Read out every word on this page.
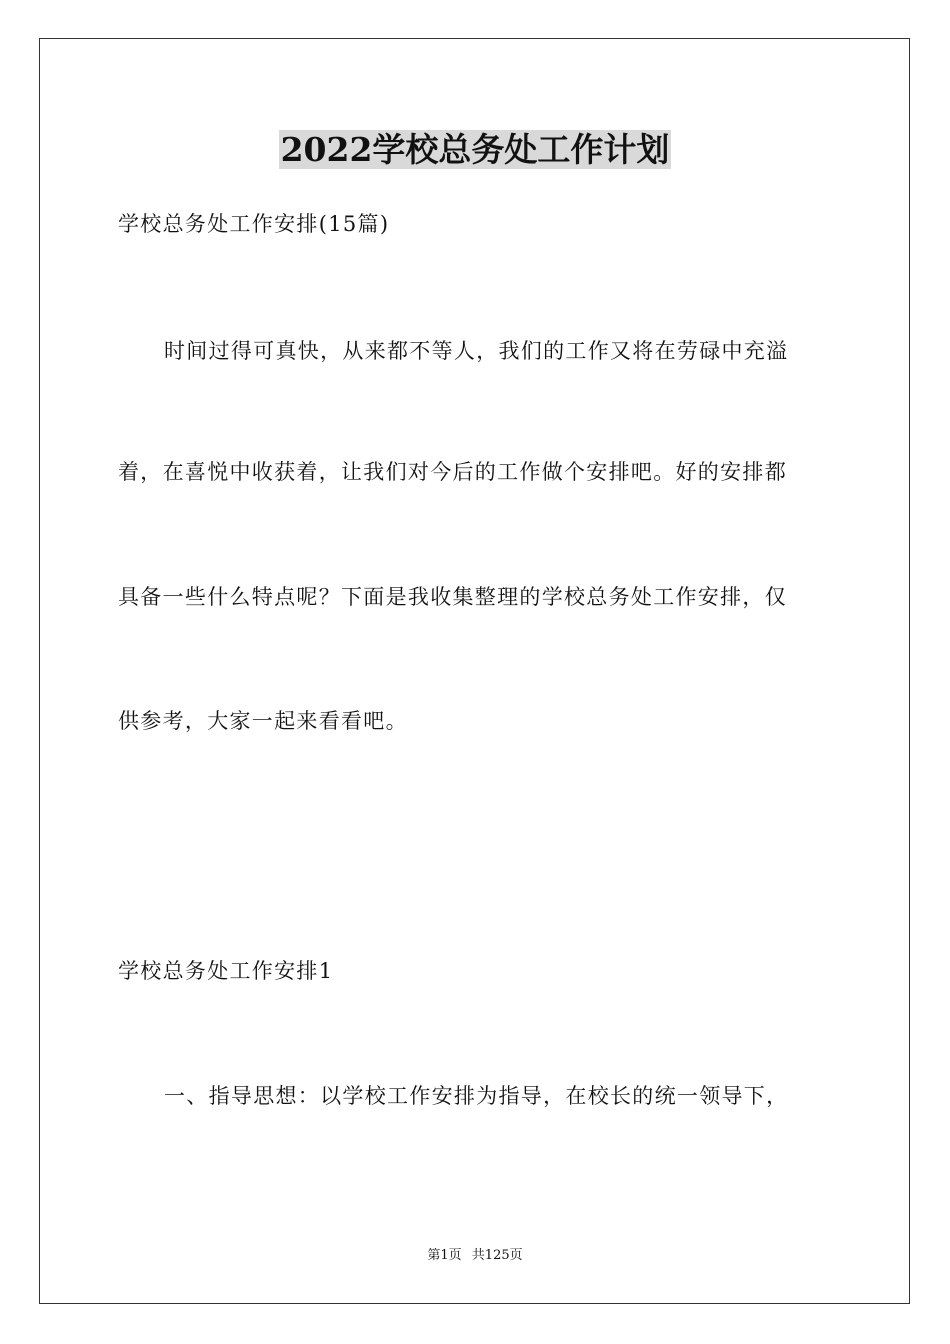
2022学校总务处工作计划

学校总务处工作安排(15篇)

时间过得可真快，从来都不等人，我们的工作又将在劳碌中充溢

着，在喜悦中收获着，让我们对今后的工作做个安排吧。好的安排都

具备一些什么特点呢？下面是我收集整理的学校总务处工作安排，仅

供参考，大家一起来看看吧。

学校总务处工作安排1

一、指导思想：以学校工作安排为指导，在校长的统一领导下，

第1页 共125页
